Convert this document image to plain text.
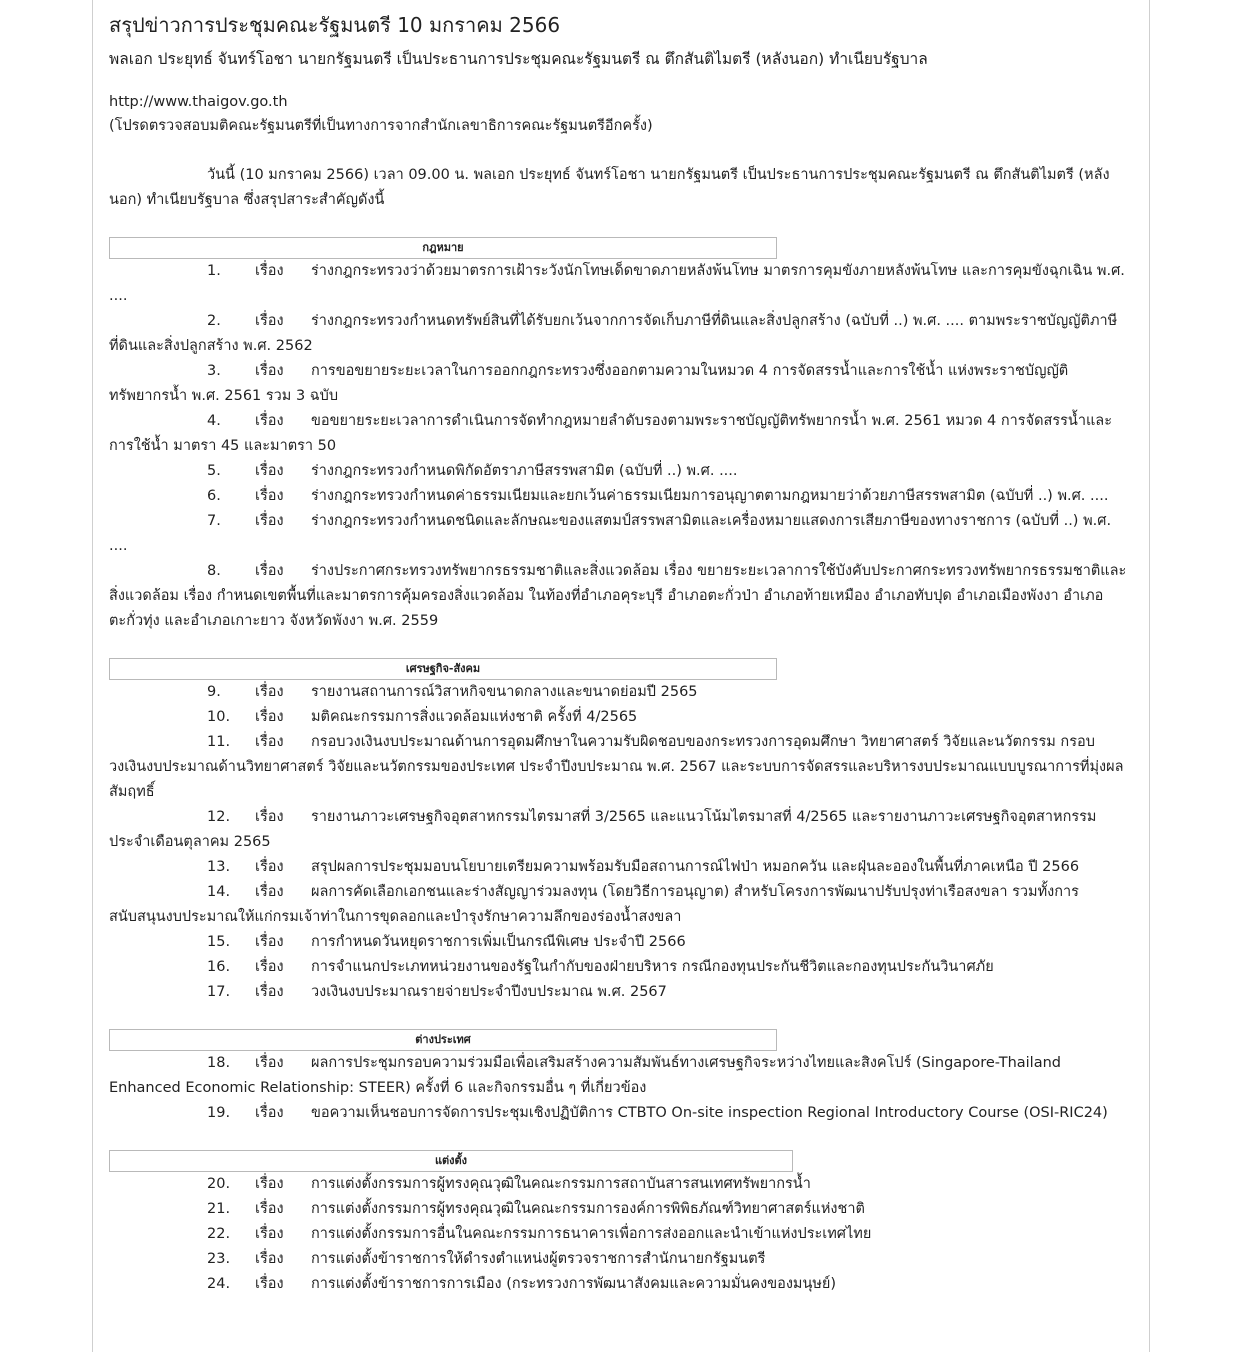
สรุปข่าวการประชุมคณะรัฐมนตรี 10 มกราคม 2566
พลเอก ประยุทธ์ จันทร์โอชา นายกรัฐมนตรี เป็นประธานการประชุมคณะรัฐมนตรี ณ ตึกสันติไมตรี (หลังนอก) ทำเนียบรัฐบาล
http://www.thaigov.go.th
(โปรดตรวจสอบมติคณะรัฐมนตรีที่เป็นทางการจากสำนักเลขาธิการคณะรัฐมนตรีอีกครั้ง)
วันนี้ (10 มกราคม 2566) เวลา 09.00 น. พลเอก ประยุทธ์ จันทร์โอชา นายกรัฐมนตรี เป็นประธานการประชุมคณะรัฐมนตรี ณ ตึกสันติไมตรี (หลังนอก) ทำเนียบรัฐบาล ซึ่งสรุปสาระสำคัญดังนี้
กฎหมาย
1. เรื่อง ร่างกฎกระทรวงว่าด้วยมาตรการเฝ้าระวังนักโทษเด็ดขาดภายหลังพ้นโทษ มาตรการคุมขังภายหลังพ้นโทษ และการคุมขังฉุกเฉิน พ.ศ. ....
2. เรื่อง ร่างกฎกระทรวงกำหนดทรัพย์สินที่ได้รับยกเว้นจากการจัดเก็บภาษีที่ดินและสิ่งปลูกสร้าง (ฉบับที่ ..) พ.ศ. .... ตามพระราชบัญญัติภาษีที่ดินและสิ่งปลูกสร้าง พ.ศ. 2562
3. เรื่อง การขอขยายระยะเวลาในการออกกฎกระทรวงซึ่งออกตามความในหมวด 4 การจัดสรรน้ำและการใช้น้ำ แห่งพระราชบัญญัติทรัพยากรน้ำ พ.ศ. 2561 รวม 3 ฉบับ
4. เรื่อง ขอขยายระยะเวลาการดำเนินการจัดทำกฎหมายลำดับรองตามพระราชบัญญัติทรัพยากรน้ำ พ.ศ. 2561 หมวด 4 การจัดสรรน้ำและการใช้น้ำ มาตรา 45 และมาตรา 50
5. เรื่อง ร่างกฎกระทรวงกำหนดพิกัดอัตราภาษีสรรพสามิต (ฉบับที่ ..) พ.ศ. ....
6. เรื่อง ร่างกฎกระทรวงกำหนดค่าธรรมเนียมและยกเว้นค่าธรรมเนียมการอนุญาตตามกฎหมายว่าด้วยภาษีสรรพสามิต (ฉบับที่ ..) พ.ศ. ....
7. เรื่อง ร่างกฎกระทรวงกำหนดชนิดและลักษณะของแสตมป์สรรพสามิตและเครื่องหมายแสดงการเสียภาษีของทางราชการ (ฉบับที่ ..) พ.ศ. ....
8. เรื่อง ร่างประกาศกระทรวงทรัพยากรธรรมชาติและสิ่งแวดล้อม เรื่อง ขยายระยะเวลาการใช้บังคับประกาศกระทรวงทรัพยากรธรรมชาติและสิ่งแวดล้อม เรื่อง กำหนดเขตพื้นที่และมาตรการคุ้มครองสิ่งแวดล้อม ในท้องที่อำเภอคุระบุรี อำเภอตะกั่วป่า อำเภอท้ายเหมือง อำเภอทับปุด อำเภอเมืองพังงา อำเภอตะกั่วทุ่ง และอำเภอเกาะยาว จังหวัดพังงา พ.ศ. 2559
เศรษฐกิจ-สังคม
9. เรื่อง รายงานสถานการณ์วิสาหกิจขนาดกลางและขนาดย่อมปี 2565
10. เรื่อง มติคณะกรรมการสิ่งแวดล้อมแห่งชาติ ครั้งที่ 4/2565
11. เรื่อง กรอบวงเงินงบประมาณด้านการอุดมศึกษาในความรับผิดชอบของกระทรวงการอุดมศึกษา วิทยาศาสตร์ วิจัยและนวัตกรรม กรอบวงเงินงบประมาณด้านวิทยาศาสตร์ วิจัยและนวัตกรรมของประเทศ ประจำปีงบประมาณ พ.ศ. 2567 และระบบการจัดสรรและบริหารงบประมาณแบบบูรณาการที่มุ่งผลสัมฤทธิ์
12. เรื่อง รายงานภาวะเศรษฐกิจอุตสาหกรรมไตรมาสที่ 3/2565 และแนวโน้มไตรมาสที่ 4/2565 และรายงานภาวะเศรษฐกิจอุตสาหกรรมประจำเดือนตุลาคม 2565
13. เรื่อง สรุปผลการประชุมมอบนโยบายเตรียมความพร้อมรับมือสถานการณ์ไฟป่า หมอกควัน และฝุ่นละอองในพื้นที่ภาคเหนือ ปี 2566
14. เรื่อง ผลการคัดเลือกเอกชนและร่างสัญญาร่วมลงทุน (โดยวิธีการอนุญาต) สำหรับโครงการพัฒนาปรับปรุงท่าเรือสงขลา รวมทั้งการสนับสนุนงบประมาณให้แก่กรมเจ้าท่าในการขุดลอกและบำรุงรักษาความลึกของร่องน้ำสงขลา
15. เรื่อง การกำหนดวันหยุดราชการเพิ่มเป็นกรณีพิเศษ ประจำปี 2566
16. เรื่อง การจำแนกประเภทหน่วยงานของรัฐในกำกับของฝ่ายบริหาร กรณีกองทุนประกันชีวิตและกองทุนประกันวินาศภัย
17. เรื่อง วงเงินงบประมาณรายจ่ายประจำปีงบประมาณ พ.ศ. 2567
ต่างประเทศ
18. เรื่อง ผลการประชุมกรอบความร่วมมือเพื่อเสริมสร้างความสัมพันธ์ทางเศรษฐกิจระหว่างไทยและสิงคโปร์ (Singapore-Thailand Enhanced Economic Relationship: STEER) ครั้งที่ 6 และกิจกรรมอื่น ๆ ที่เกี่ยวข้อง
19. เรื่อง ขอความเห็นชอบการจัดการประชุมเชิงปฏิบัติการ CTBTO On-site inspection Regional Introductory Course (OSI-RIC24)
แต่งตั้ง
20. เรื่อง การแต่งตั้งกรรมการผู้ทรงคุณวุฒิในคณะกรรมการสถาบันสารสนเทศทรัพยากรน้ำ
21. เรื่อง การแต่งตั้งกรรมการผู้ทรงคุณวุฒิในคณะกรรมการองค์การพิพิธภัณฑ์วิทยาศาสตร์แห่งชาติ
22. เรื่อง การแต่งตั้งกรรมการอื่นในคณะกรรมการธนาคารเพื่อการส่งออกและนำเข้าแห่งประเทศไทย
23. เรื่อง การแต่งตั้งข้าราชการให้ดำรงตำแหน่งผู้ตรวจราชการสำนักนายกรัฐมนตรี
24. เรื่อง การแต่งตั้งข้าราชการการเมือง (กระทรวงการพัฒนาสังคมและความมั่นคงของมนุษย์)
